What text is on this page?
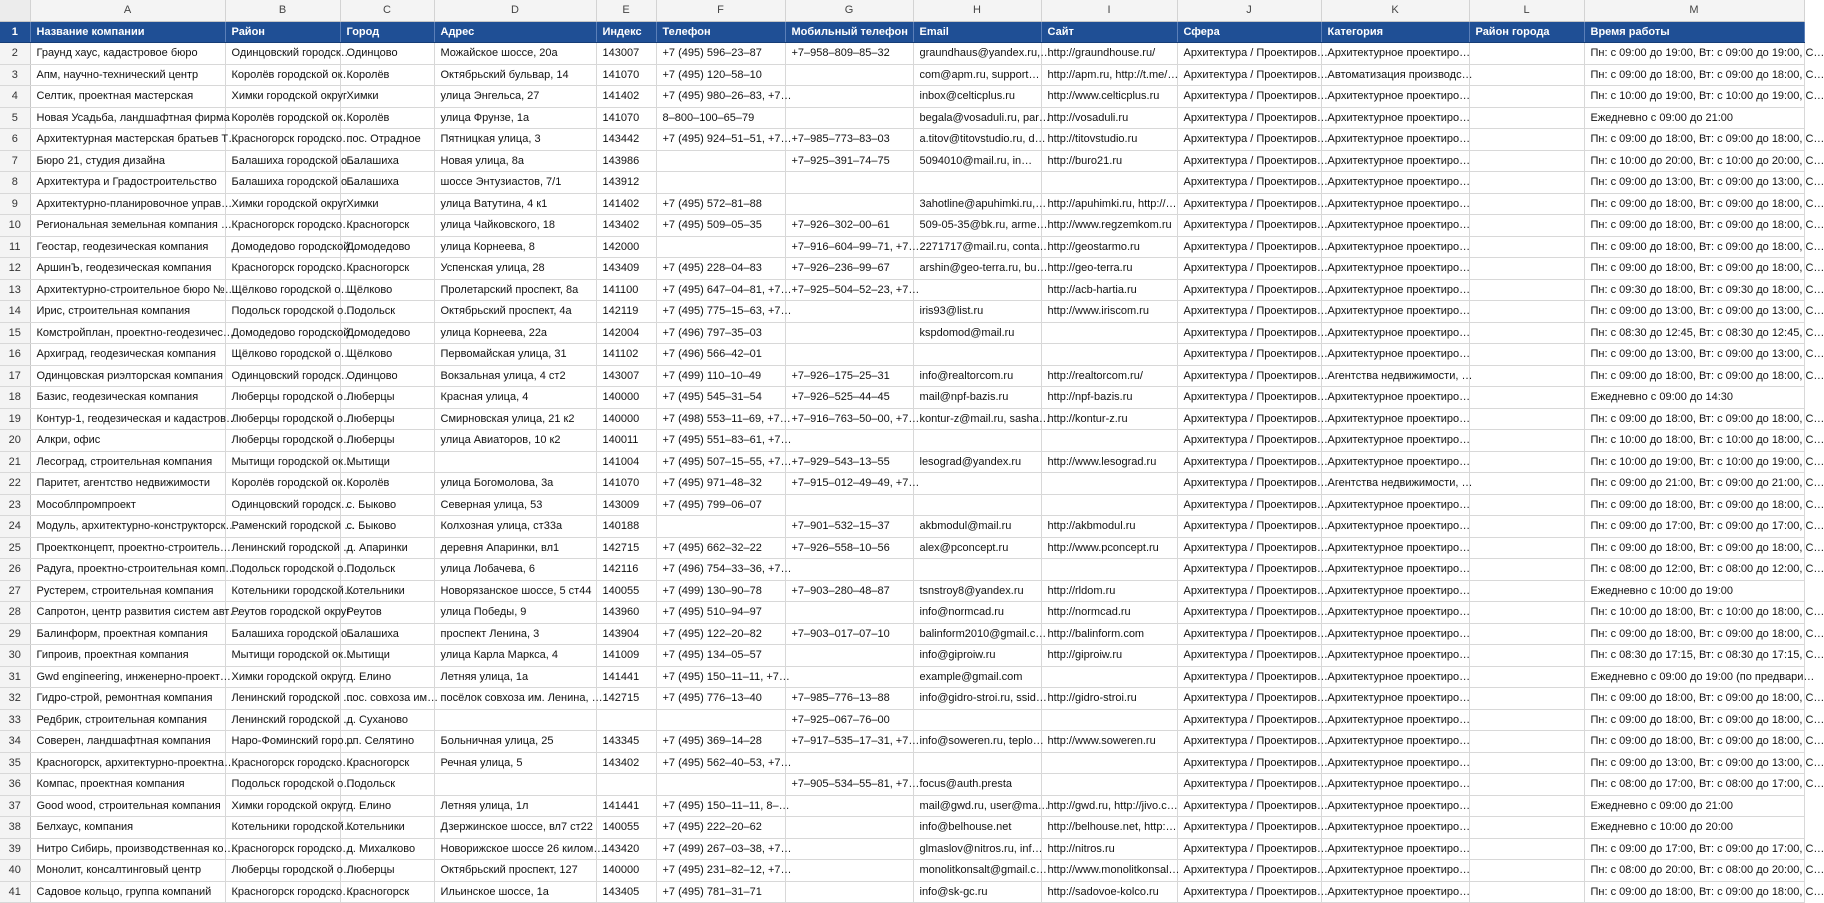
	A	B	C	D	E	F	G	H	I	J	K	L	M
1	Название компании	Район	Город	Адрес	Индекс	Телефон	Мобильный телефон	Email	Сайт	Сфера	Категория	Район города	Время работы
2	Граунд хаус, кадастровое бюро	Одинцовский городск…	Одинцово	Можайское шоссе, 20а	143007	+7 (495) 596–23–87	+7–958–809–85–32	graundhaus@yandex.ru,…	http://graundhouse.ru/	Архитектура / Проектиров…	Архитектурное проектиро…		Пн: с 09:00 до 19:00, Вт: с 09:00 до 19:00, С…
3	Апм, научно-технический центр	Королёв городской ок…	Королёв	Октябрьский бульвар, 14	141070	+7 (495) 120–58–10		com@apm.ru, support…	http://apm.ru, http://t.me/…	Архитектура / Проектиров…	Автоматизация производс…		Пн: с 09:00 до 18:00, Вт: с 09:00 до 18:00, С…
4	Селтик, проектная мастерская	Химки городской округ	Химки	улица Энгельса, 27	141402	+7 (495) 980–26–83, +7…		inbox@celticplus.ru	http://www.celticplus.ru	Архитектура / Проектиров…	Архитектурное проектиро…		Пн: с 10:00 до 19:00, Вт: с 10:00 до 19:00, С…
5	Новая Усадьба, ландшафтная фирма	Королёв городской ок…	Королёв	улица Фрунзе, 1а	141070	8–800–100–65–79		begala@vosaduli.ru, par…	http://vosaduli.ru	Архитектура / Проектиров…	Архитектурное проектиро…		Ежедневно с 09:00 до 21:00
6	Архитектурная мастерская братьев Т…	Красногорск городско…	пос. Отрадное	Пятницкая улица, 3	143442	+7 (495) 924–51–51, +7…	+7–985–773–83–03	a.titov@titovstudio.ru, d…	http://titovstudio.ru	Архитектура / Проектиров…	Архитектурное проектиро…		Пн: с 09:00 до 18:00, Вт: с 09:00 до 18:00, С…
7	Бюро 21, студия дизайна	Балашиха городской о…	Балашиха	Новая улица, 8а	143986		+7–925–391–74–75	5094010@mail.ru, in…	http://buro21.ru	Архитектура / Проектиров…	Архитектурное проектиро…		Пн: с 10:00 до 20:00, Вт: с 10:00 до 20:00, С…
8	Архитектура и Градостроительство	Балашиха городской о…	Балашиха	шоссе Энтузиастов, 7/1	143912					Архитектура / Проектиров…	Архитектурное проектиро…		Пн: с 09:00 до 13:00, Вт: с 09:00 до 13:00, С…
9	Архитектурно-планировочное управ…	Химки городской округ	Химки	улица Ватутина, 4 к1	141402	+7 (495) 572–81–88		3ahotline@apuhimki.ru,…	http://apuhimki.ru, http://…	Архитектура / Проектиров…	Архитектурное проектиро…		Пн: с 09:00 до 18:00, Вт: с 09:00 до 18:00, С…
10	Региональная земельная компания …	Красногорск городско…	Красногорск	улица Чайковского, 18	143402	+7 (495) 509–05–35	+7–926–302–00–61	509-05-35@bk.ru, arme…	http://www.regzemkom.ru	Архитектура / Проектиров…	Архитектурное проектиро…		Пн: с 09:00 до 18:00, Вт: с 09:00 до 18:00, С…
11	Геостар, геодезическая компания	Домодедово городской…	Домодедово	улица Корнеева, 8	142000		+7–916–604–99–71, +7…	2271717@mail.ru, conta…	http://geostarmo.ru	Архитектура / Проектиров…	Архитектурное проектиро…		Пн: с 09:00 до 18:00, Вт: с 09:00 до 18:00, С…
12	АршинЪ, геодезическая компания	Красногорск городско…	Красногорск	Успенская улица, 28	143409	+7 (495) 228–04–83	+7–926–236–99–67	arshin@geo-terra.ru, bu…	http://geo-terra.ru	Архитектура / Проектиров…	Архитектурное проектиро…		Пн: с 09:00 до 18:00, Вт: с 09:00 до 18:00, С…
13	Архитектурно-строительное бюро №…	Щёлково городской о…	Щёлково	Пролетарский проспект, 8а	141100	+7 (495) 647–04–81, +7…	+7–925–504–52–23, +7…		http://acb-hartia.ru	Архитектура / Проектиров…	Архитектурное проектиро…		Пн: с 09:30 до 18:00, Вт: с 09:30 до 18:00, С…
14	Ирис, строительная компания	Подольск городской о…	Подольск	Октябрьский проспект, 4а	142119	+7 (495) 775–15–63, +7…		iris93@list.ru	http://www.iriscom.ru	Архитектура / Проектиров…	Архитектурное проектиро…		Пн: с 09:00 до 13:00, Вт: с 09:00 до 13:00, С…
15	Комстройплан, проектно-геодезичес…	Домодедово городской…	Домодедово	улица Корнеева, 22а	142004	+7 (496) 797–35–03		kspdomod@mail.ru		Архитектура / Проектиров…	Архитектурное проектиро…		Пн: с 08:30 до 12:45, Вт: с 08:30 до 12:45, С…
16	Архиград, геодезическая компания	Щёлково городской о…	Щёлково	Первомайская улица, 31	141102	+7 (496) 566–42–01				Архитектура / Проектиров…	Архитектурное проектиро…		Пн: с 09:00 до 13:00, Вт: с 09:00 до 13:00, С…
17	Одинцовская риэлторская компания	Одинцовский городск…	Одинцово	Вокзальная улица, 4 ст2	143007	+7 (499) 110–10–49	+7–926–175–25–31	info@realtorcom.ru	http://realtorcom.ru/	Архитектура / Проектиров…	Агентства недвижимости, …		Пн: с 09:00 до 18:00, Вт: с 09:00 до 18:00, С…
18	Базис, геодезическая компания	Люберцы городской о…	Люберцы	Красная улица, 4	140000	+7 (495) 545–31–54	+7–926–525–44–45	mail@npf-bazis.ru	http://npf-bazis.ru	Архитектура / Проектиров…	Архитектурное проектиро…		Ежедневно с 09:00 до 14:30
19	Контур-1, геодезическая и кадастров…	Люберцы городской о…	Люберцы	Смирновская улица, 21 к2	140000	+7 (498) 553–11–69, +7…	+7–916–763–50–00, +7…	kontur-z@mail.ru, sasha…	http://kontur-z.ru	Архитектура / Проектиров…	Архитектурное проектиро…		Пн: с 09:00 до 18:00, Вт: с 09:00 до 18:00, С…
20	Алкри, офис	Люберцы городской о…	Люберцы	улица Авиаторов, 10 к2	140011	+7 (495) 551–83–61, +7…				Архитектура / Проектиров…	Архитектурное проектиро…		Пн: с 10:00 до 18:00, Вт: с 10:00 до 18:00, С…
21	Лесоград, строительная компания	Мытищи городской ок…	Мытищи		141004	+7 (495) 507–15–55, +7…	+7–929–543–13–55	lesograd@yandex.ru	http://www.lesograd.ru	Архитектура / Проектиров…	Архитектурное проектиро…		Пн: с 10:00 до 19:00, Вт: с 10:00 до 19:00, С…
22	Паритет, агентство недвижимости	Королёв городской ок…	Королёв	улица Богомолова, 3а	141070	+7 (495) 971–48–32	+7–915–012–49–49, +7…			Архитектура / Проектиров…	Агентства недвижимости, …		Пн: с 09:00 до 21:00, Вт: с 09:00 до 21:00, С…
23	Мособлпромпроект	Одинцовский городск…	с. Быково	Северная улица, 53	143009	+7 (495) 799–06–07				Архитектура / Проектиров…	Архитектурное проектиро…		Пн: с 09:00 до 18:00, Вт: с 09:00 до 18:00, С…
24	Модуль, архитектурно-конструкторск…	Раменский городской …	с. Быково	Колхозная улица, ст33а	140188		+7–901–532–15–37	akbmodul@mail.ru	http://akbmodul.ru	Архитектура / Проектиров…	Архитектурное проектиро…		Пн: с 09:00 до 17:00, Вт: с 09:00 до 17:00, С…
25	Проектконцепт, проектно-строитель…	Ленинский городской …	д. Апаринки	деревня Апаринки, вл1	142715	+7 (495) 662–32–22	+7–926–558–10–56	alex@pconcept.ru	http://www.pconcept.ru	Архитектура / Проектиров…	Архитектурное проектиро…		Пн: с 09:00 до 18:00, Вт: с 09:00 до 18:00, С…
26	Радуга, проектно-строительная комп…	Подольск городской о…	Подольск	улица Лобачева, 6	142116	+7 (496) 754–33–36, +7…				Архитектура / Проектиров…	Архитектурное проектиро…		Пн: с 08:00 до 12:00, Вт: с 08:00 до 12:00, С…
27	Рустерем, строительная компания	Котельники городской…	Котельники	Новорязанское шоссе, 5 ст44	140055	+7 (499) 130–90–78	+7–903–280–48–87	tsnstroy8@yandex.ru	http://rldom.ru	Архитектура / Проектиров…	Архитектурное проектиро…		Ежедневно с 10:00 до 19:00
28	Сапротон, центр развития систем авт…	Реутов городской округ	Реутов	улица Победы, 9	143960	+7 (495) 510–94–97		info@normcad.ru	http://normcad.ru	Архитектура / Проектиров…	Архитектурное проектиро…		Пн: с 10:00 до 18:00, Вт: с 10:00 до 18:00, С…
29	Балинформ, проектная компания	Балашиха городской о…	Балашиха	проспект Ленина, 3	143904	+7 (495) 122–20–82	+7–903–017–07–10	balinform2010@gmail.c…	http://balinform.com	Архитектура / Проектиров…	Архитектурное проектиро…		Пн: с 09:00 до 18:00, Вт: с 09:00 до 18:00, С…
30	Гипроив, проектная компания	Мытищи городской ок…	Мытищи	улица Карла Маркса, 4	141009	+7 (495) 134–05–57		info@giproiw.ru	http://giproiw.ru	Архитектура / Проектиров…	Архитектурное проектиро…		Пн: с 08:30 до 17:15, Вт: с 08:30 до 17:15, С…
31	Gwd engineering, инженерно-проект…	Химки городской округ	д. Елино	Летняя улица, 1а	141441	+7 (495) 150–11–11, +7…		example@gmail.com		Архитектура / Проектиров…	Архитектурное проектиро…		Ежедневно с 09:00 до 19:00 (по предвари…
32	Гидро-строй, ремонтная компания	Ленинский городской …	пос. совхоза им…	посёлок совхоза им. Ленина, …	142715	+7 (495) 776–13–40	+7–985–776–13–88	info@gidro-stroi.ru, ssid…	http://gidro-stroi.ru	Архитектура / Проектиров…	Архитектурное проектиро…		Пн: с 09:00 до 18:00, Вт: с 09:00 до 18:00, С…
33	Редбрик, строительная компания	Ленинский городской …	д. Суханово				+7–925–067–76–00			Архитектура / Проектиров…	Архитектурное проектиро…		Пн: с 09:00 до 18:00, Вт: с 09:00 до 18:00, С…
34	Соверен, ландшафтная компания	Наро-Фоминский горо…	рп. Селятино	Больничная улица, 25	143345	+7 (495) 369–14–28	+7–917–535–17–31, +7…	info@soweren.ru, teplo…	http://www.soweren.ru	Архитектура / Проектиров…	Архитектурное проектиро…		Пн: с 09:00 до 18:00, Вт: с 09:00 до 18:00, С…
35	Красногорск, архитектурно-проектна…	Красногорск городско…	Красногорск	Речная улица, 5	143402	+7 (495) 562–40–53, +7…				Архитектура / Проектиров…	Архитектурное проектиро…		Пн: с 09:00 до 13:00, Вт: с 09:00 до 13:00, С…
36	Компас, проектная компания	Подольск городской о…	Подольск				+7–905–534–55–81, +7…	focus@auth.presta		Архитектура / Проектиров…	Архитектурное проектиро…		Пн: с 08:00 до 17:00, Вт: с 08:00 до 17:00, С…
37	Good wood, строительная компания	Химки городской округ	д. Елино	Летняя улица, 1л	141441	+7 (495) 150–11–11, 8–…		mail@gwd.ru, user@ma…	http://gwd.ru, http://jivo.c…	Архитектура / Проектиров…	Архитектурное проектиро…		Ежедневно с 09:00 до 21:00
38	Белхаус, компания	Котельники городской…	Котельники	Дзержинское шоссе, вл7 ст22	140055	+7 (495) 222–20–62		info@belhouse.net	http://belhouse.net, http:…	Архитектура / Проектиров…	Архитектурное проектиро…		Ежедневно с 10:00 до 20:00
39	Нитро Сибирь, производственная ко…	Красногорск городско…	д. Михалково	Новорижское шоссе 26 килом…	143420	+7 (499) 267–03–38, +7…		glmaslov@nitros.ru, inf…	http://nitros.ru	Архитектура / Проектиров…	Архитектурное проектиро…		Пн: с 09:00 до 17:00, Вт: с 09:00 до 17:00, С…
40	Монолит, консалтинговый центр	Люберцы городской о…	Люберцы	Октябрьский проспект, 127	140000	+7 (495) 231–82–12, +7…		monolitkonsalt@gmail.c…	http://www.monolitkonsal…	Архитектура / Проектиров…	Архитектурное проектиро…		Пн: с 08:00 до 20:00, Вт: с 08:00 до 20:00, С…
41	Садовое кольцо, группа компаний	Красногорск городско…	Красногорск	Ильинское шоссе, 1а	143405	+7 (495) 781–31–71		info@sk-gc.ru	http://sadovoe-kolco.ru	Архитектура / Проектиров…	Архитектурное проектиро…		Пн: с 09:00 до 18:00, Вт: с 09:00 до 18:00, С…
